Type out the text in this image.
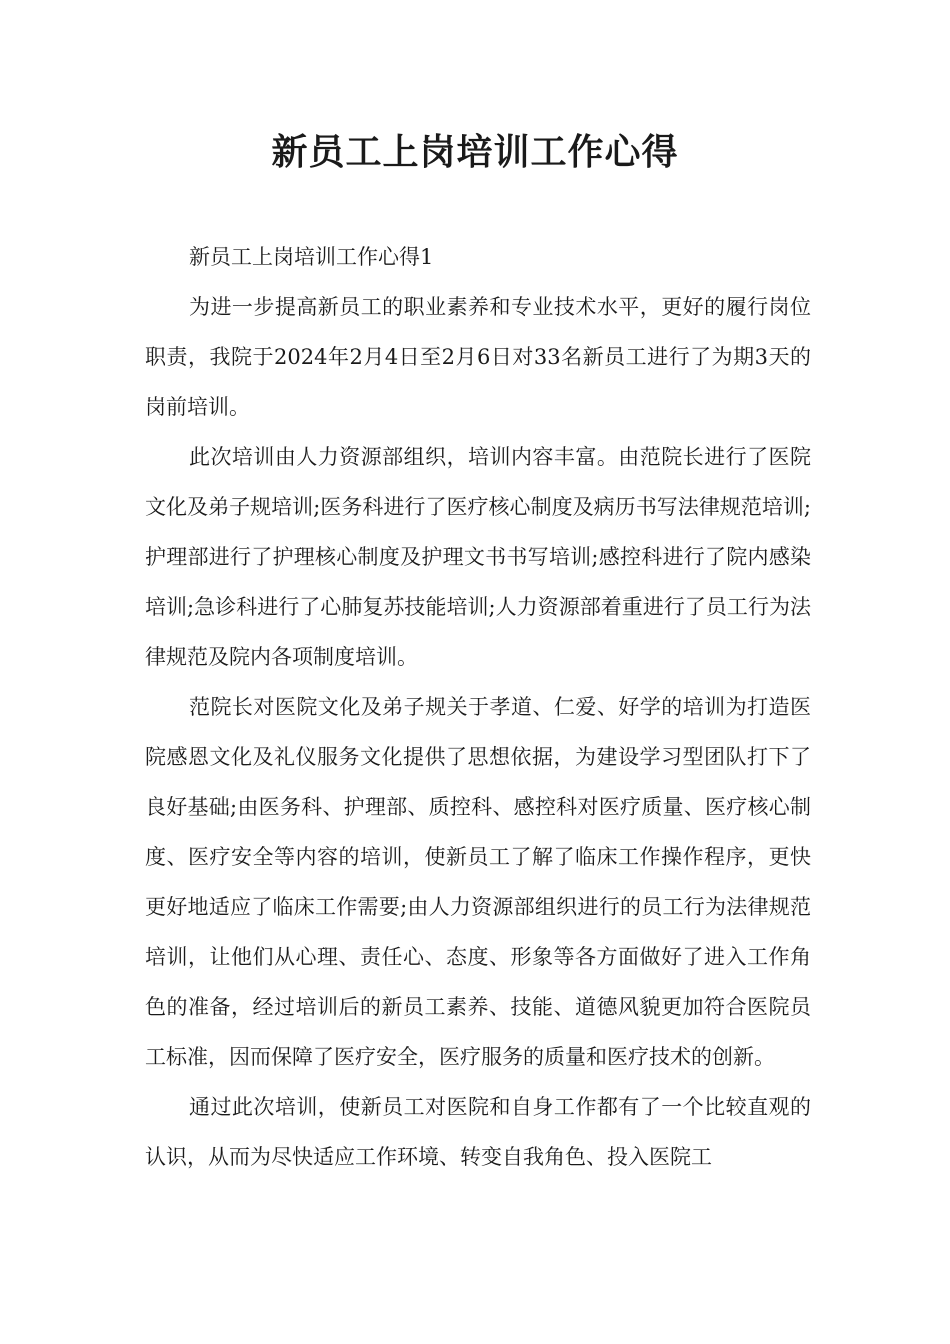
新员工上岗培训工作心得

新员工上岗培训工作心得1

为进一步提高新员工的职业素养和专业技术水平，更好的履行岗位职责，我院于2024年2月4日至2月6日对33名新员工进行了为期3天的岗前培训。

此次培训由人力资源部组织，培训内容丰富。由范院长进行了医院文化及弟子规培训;医务科进行了医疗核心制度及病历书写法律规范培训;护理部进行了护理核心制度及护理文书书写培训;感控科进行了院内感染培训;急诊科进行了心肺复苏技能培训;人力资源部着重进行了员工行为法律规范及院内各项制度培训。

范院长对医院文化及弟子规关于孝道、仁爱、好学的培训为打造医院感恩文化及礼仪服务文化提供了思想依据，为建设学习型团队打下了良好基础;由医务科、护理部、质控科、感控科对医疗质量、医疗核心制度、医疗安全等内容的培训，使新员工了解了临床工作操作程序，更快更好地适应了临床工作需要;由人力资源部组织进行的员工行为法律规范培训，让他们从心理、责任心、态度、形象等各方面做好了进入工作角色的准备，经过培训后的新员工素养、技能、道德风貌更加符合医院员工标准，因而保障了医疗安全，医疗服务的质量和医疗技术的创新。

通过此次培训，使新员工对医院和自身工作都有了一个比较直观的认识，从而为尽快适应工作环境、转变自我角色、投入医院工
